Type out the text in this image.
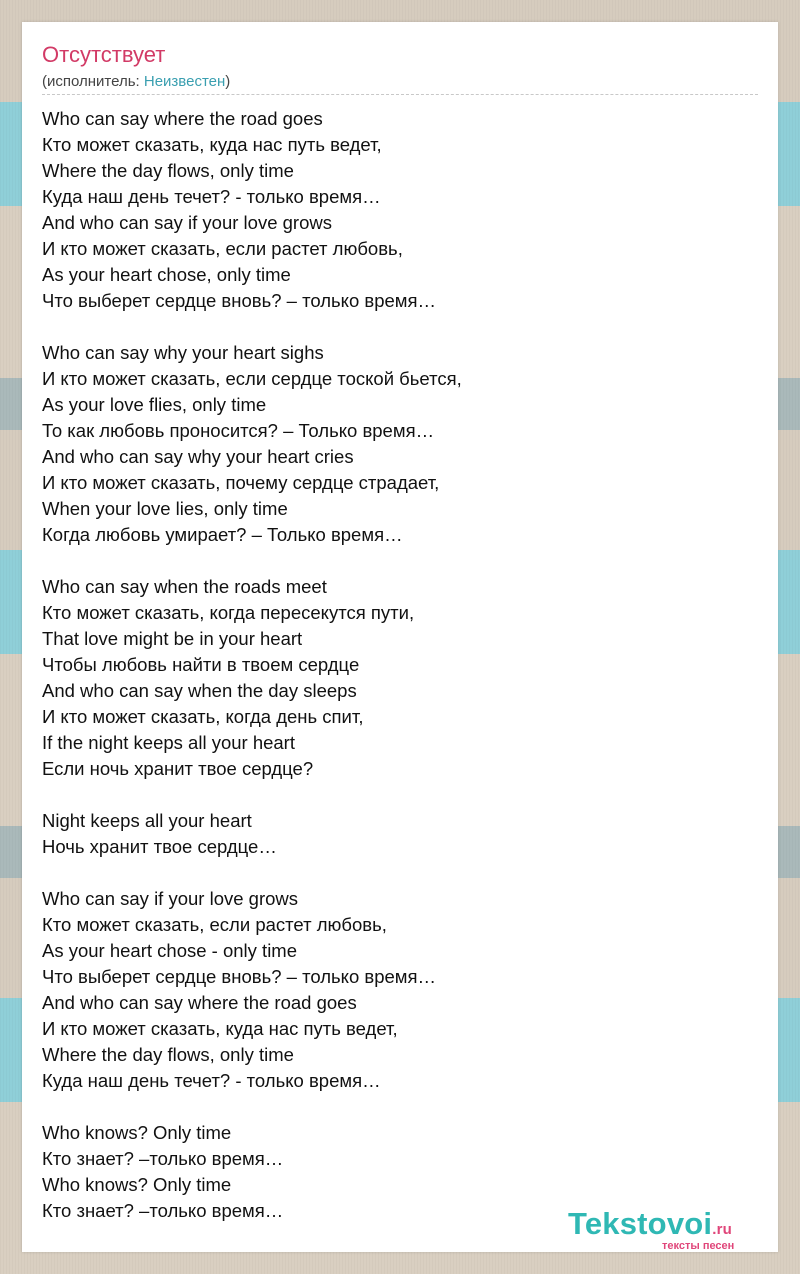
Отсутствует
(исполнитель: Неизвестен)
Who can say where the road goes
Кто может сказать, куда нас путь ведет,
Where the day flows, only time
Куда наш день течет? - только время…
And who can say if your love grows
И кто может сказать, если растет любовь,
As your heart chose, only time
Что выберет сердце вновь? – только время…
Who can say why your heart sighs
И кто может сказать, если сердце тоской бьется,
As your love flies, only time
То как любовь проносится? – Только время…
And who can say why your heart cries
И кто может сказать, почему сердце страдает,
When your love lies, only time
Когда любовь умирает? – Только время…
Who can say when the roads meet
Кто может сказать, когда пересекутся пути,
That love might be in your heart
Чтобы любовь найти в твоем сердце
And who can say when the day sleeps
И кто может сказать, когда день спит,
If the night keeps all your heart
Если ночь хранит твое сердце?
Night keeps all your heart
Ночь хранит твое сердце…
Who can say if your love grows
Кто может сказать, если растет любовь,
As your heart chose - only time
Что выберет сердце вновь? – только время…
And who can say where the road goes
И кто может сказать, куда нас путь ведет,
Where the day flows, only time
Куда наш день течет? - только время…
Who knows? Only time
Кто знает? –только время…
Who knows? Only time
Кто знает? –только время…	Tekstovoi.ru
тексты песен
